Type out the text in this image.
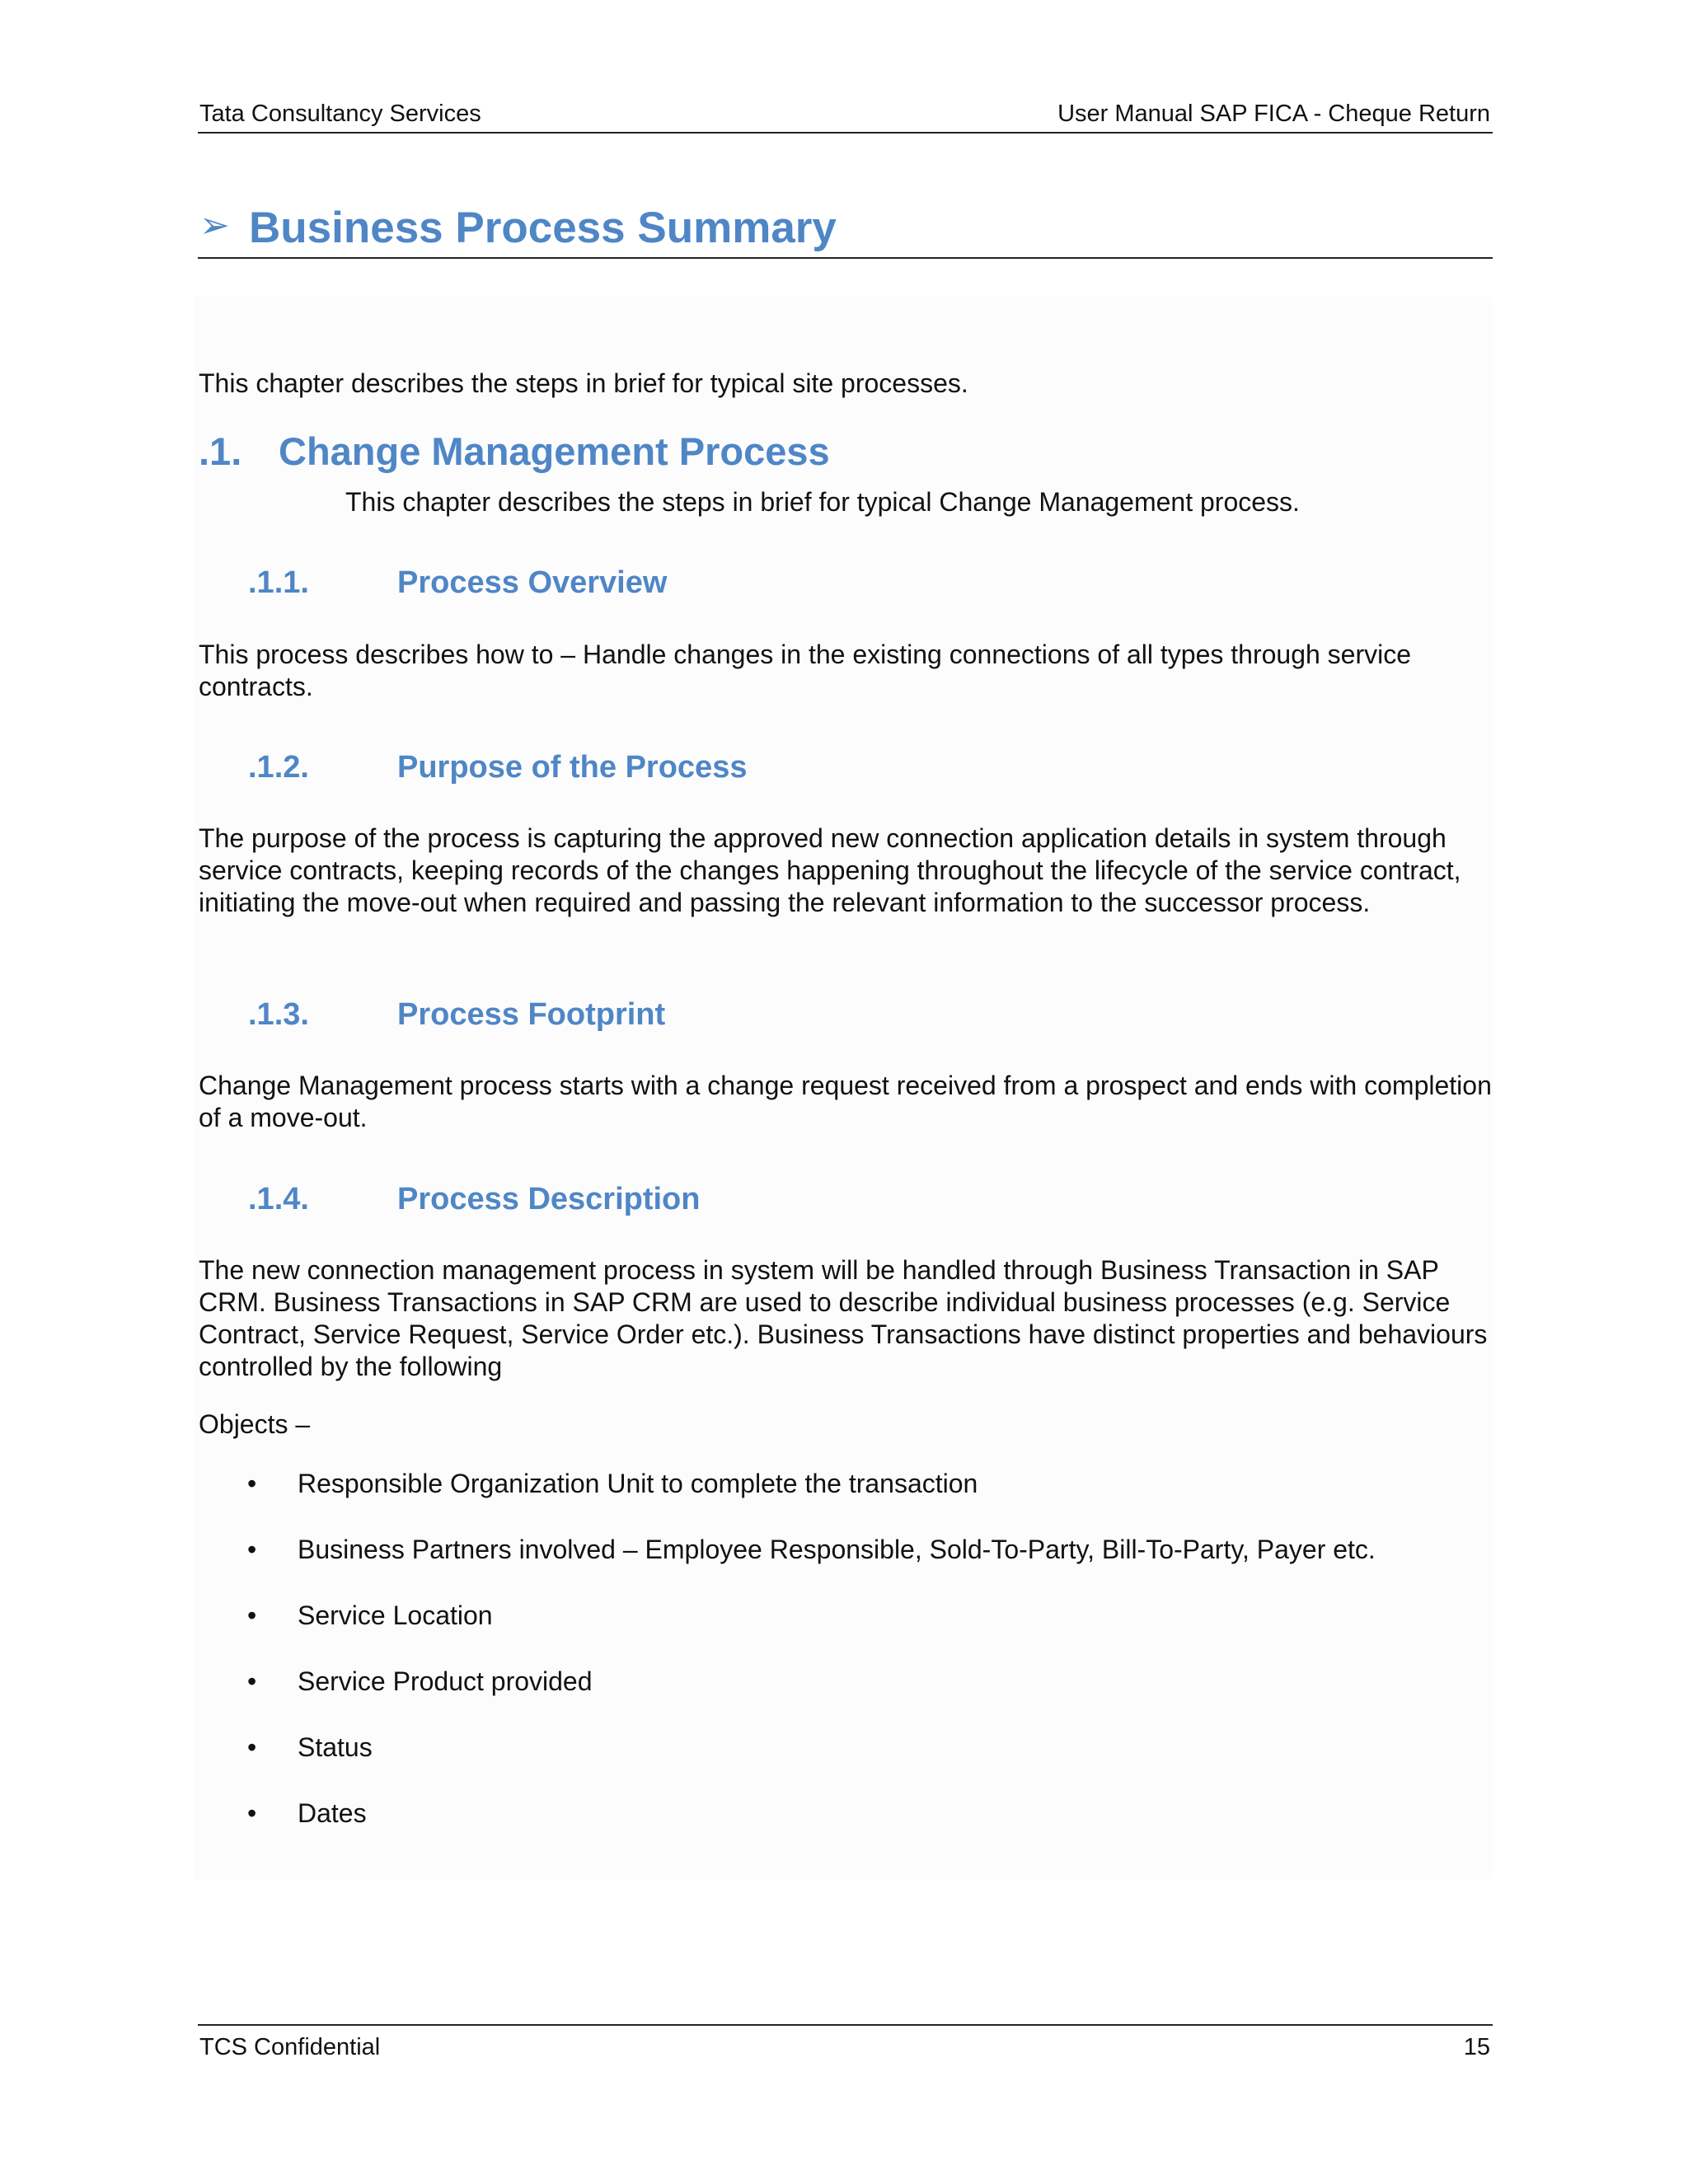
Tata Consultancy Services	User Manual SAP FICA - Cheque Return
➢ Business Process Summary
This chapter describes the steps in brief for typical site processes.
.1. Change Management Process
This chapter describes the steps in brief for typical Change Management process.
.1.1.	Process Overview
This process describes how to – Handle changes in the existing connections of all types through service contracts.
.1.2.	Purpose of the Process
The purpose of the process is capturing the approved new connection application details in system through service contracts, keeping records of the changes happening throughout the lifecycle of the service contract, initiating the move-out when required and passing the relevant information to the successor process.
.1.3.	Process Footprint
Change Management process starts with a change request received from a prospect and ends with completion of a move-out.
.1.4.	Process Description
The new connection management process in system will be handled through Business Transaction in SAP CRM. Business Transactions in SAP CRM are used to describe individual business processes (e.g. Service Contract, Service Request, Service Order etc.). Business Transactions have distinct properties and behaviours controlled by the following
Objects –
• Responsible Organization Unit to complete the transaction
• Business Partners involved – Employee Responsible, Sold-To-Party, Bill-To-Party, Payer etc.
• Service Location
• Service Product provided
• Status
• Dates
TCS Confidential	15
